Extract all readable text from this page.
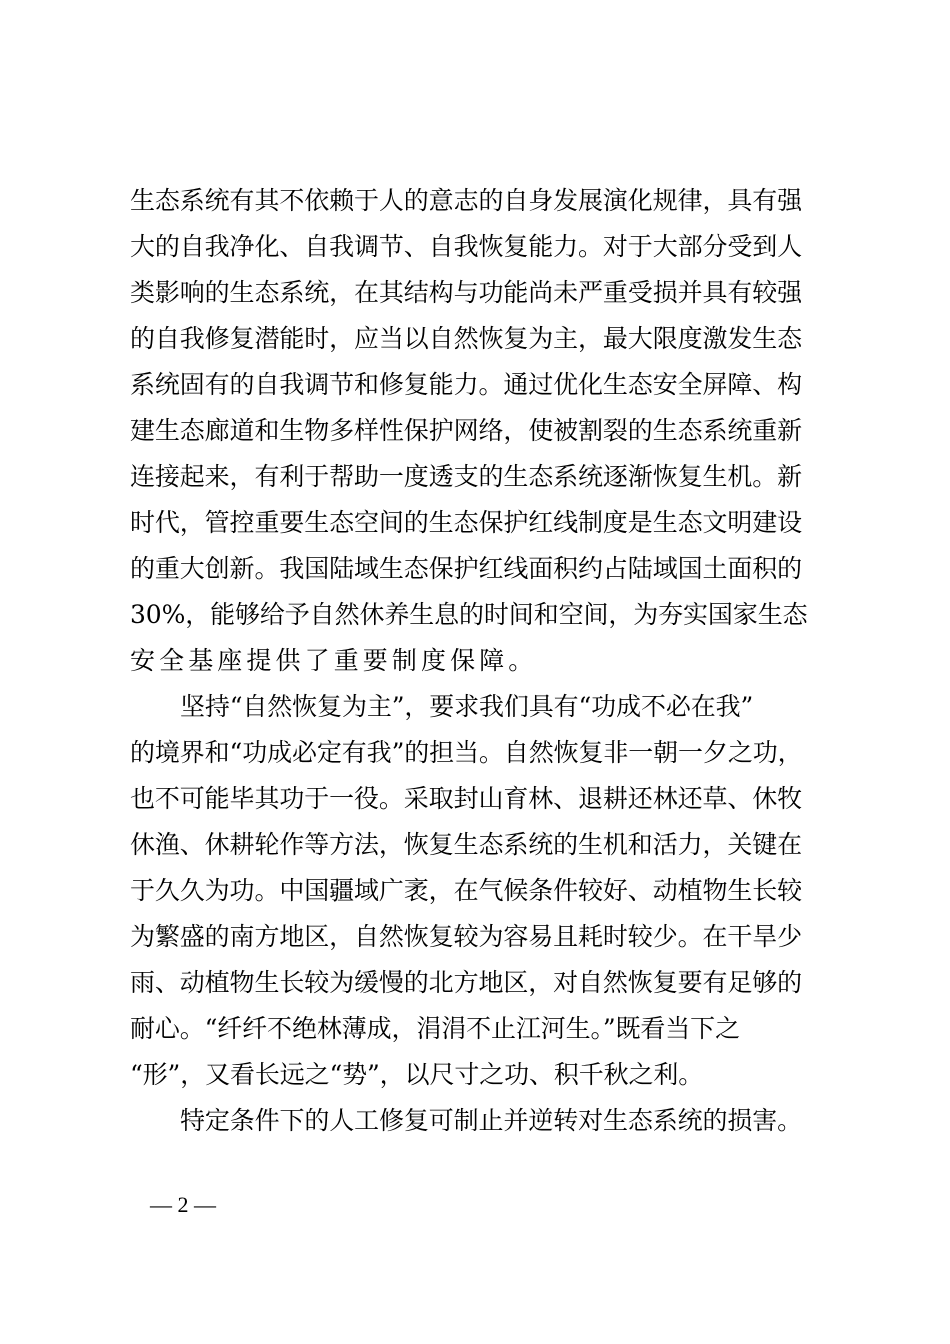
生态系统有其不依赖于人的意志的自身发展演化规律，具有强
大的自我净化、自我调节、自我恢复能力。对于大部分受到人
类影响的生态系统，在其结构与功能尚未严重受损并具有较强
的自我修复潜能时，应当以自然恢复为主，最大限度激发生态
系统固有的自我调节和修复能力。通过优化生态安全屏障、构
建生态廊道和生物多样性保护网络，使被割裂的生态系统重新
连接起来，有利于帮助一度透支的生态系统逐渐恢复生机。新
时代，管控重要生态空间的生态保护红线制度是生态文明建设
的重大创新。我国陆域生态保护红线面积约占陆域国土面积的
30%，能够给予自然休养生息的时间和空间，为夯实国家生态
安全基座提供了重要制度保障。
坚持“自然恢复为主”，要求我们具有“功成不必在我”
的境界和“功成必定有我”的担当。自然恢复非一朝一夕之功，
也不可能毕其功于一役。采取封山育林、退耕还林还草、休牧
休渔、休耕轮作等方法，恢复生态系统的生机和活力，关键在
于久久为功。中国疆域广袤，在气候条件较好、动植物生长较
为繁盛的南方地区，自然恢复较为容易且耗时较少。在干旱少
雨、动植物生长较为缓慢的北方地区，对自然恢复要有足够的
耐心。“纤纤不绝林薄成，涓涓不止江河生。”既看当下之
“形”，又看长远之“势”，以尺寸之功、积千秋之利。
特定条件下的人工修复可制止并逆转对生态系统的损害。
— 2 —
